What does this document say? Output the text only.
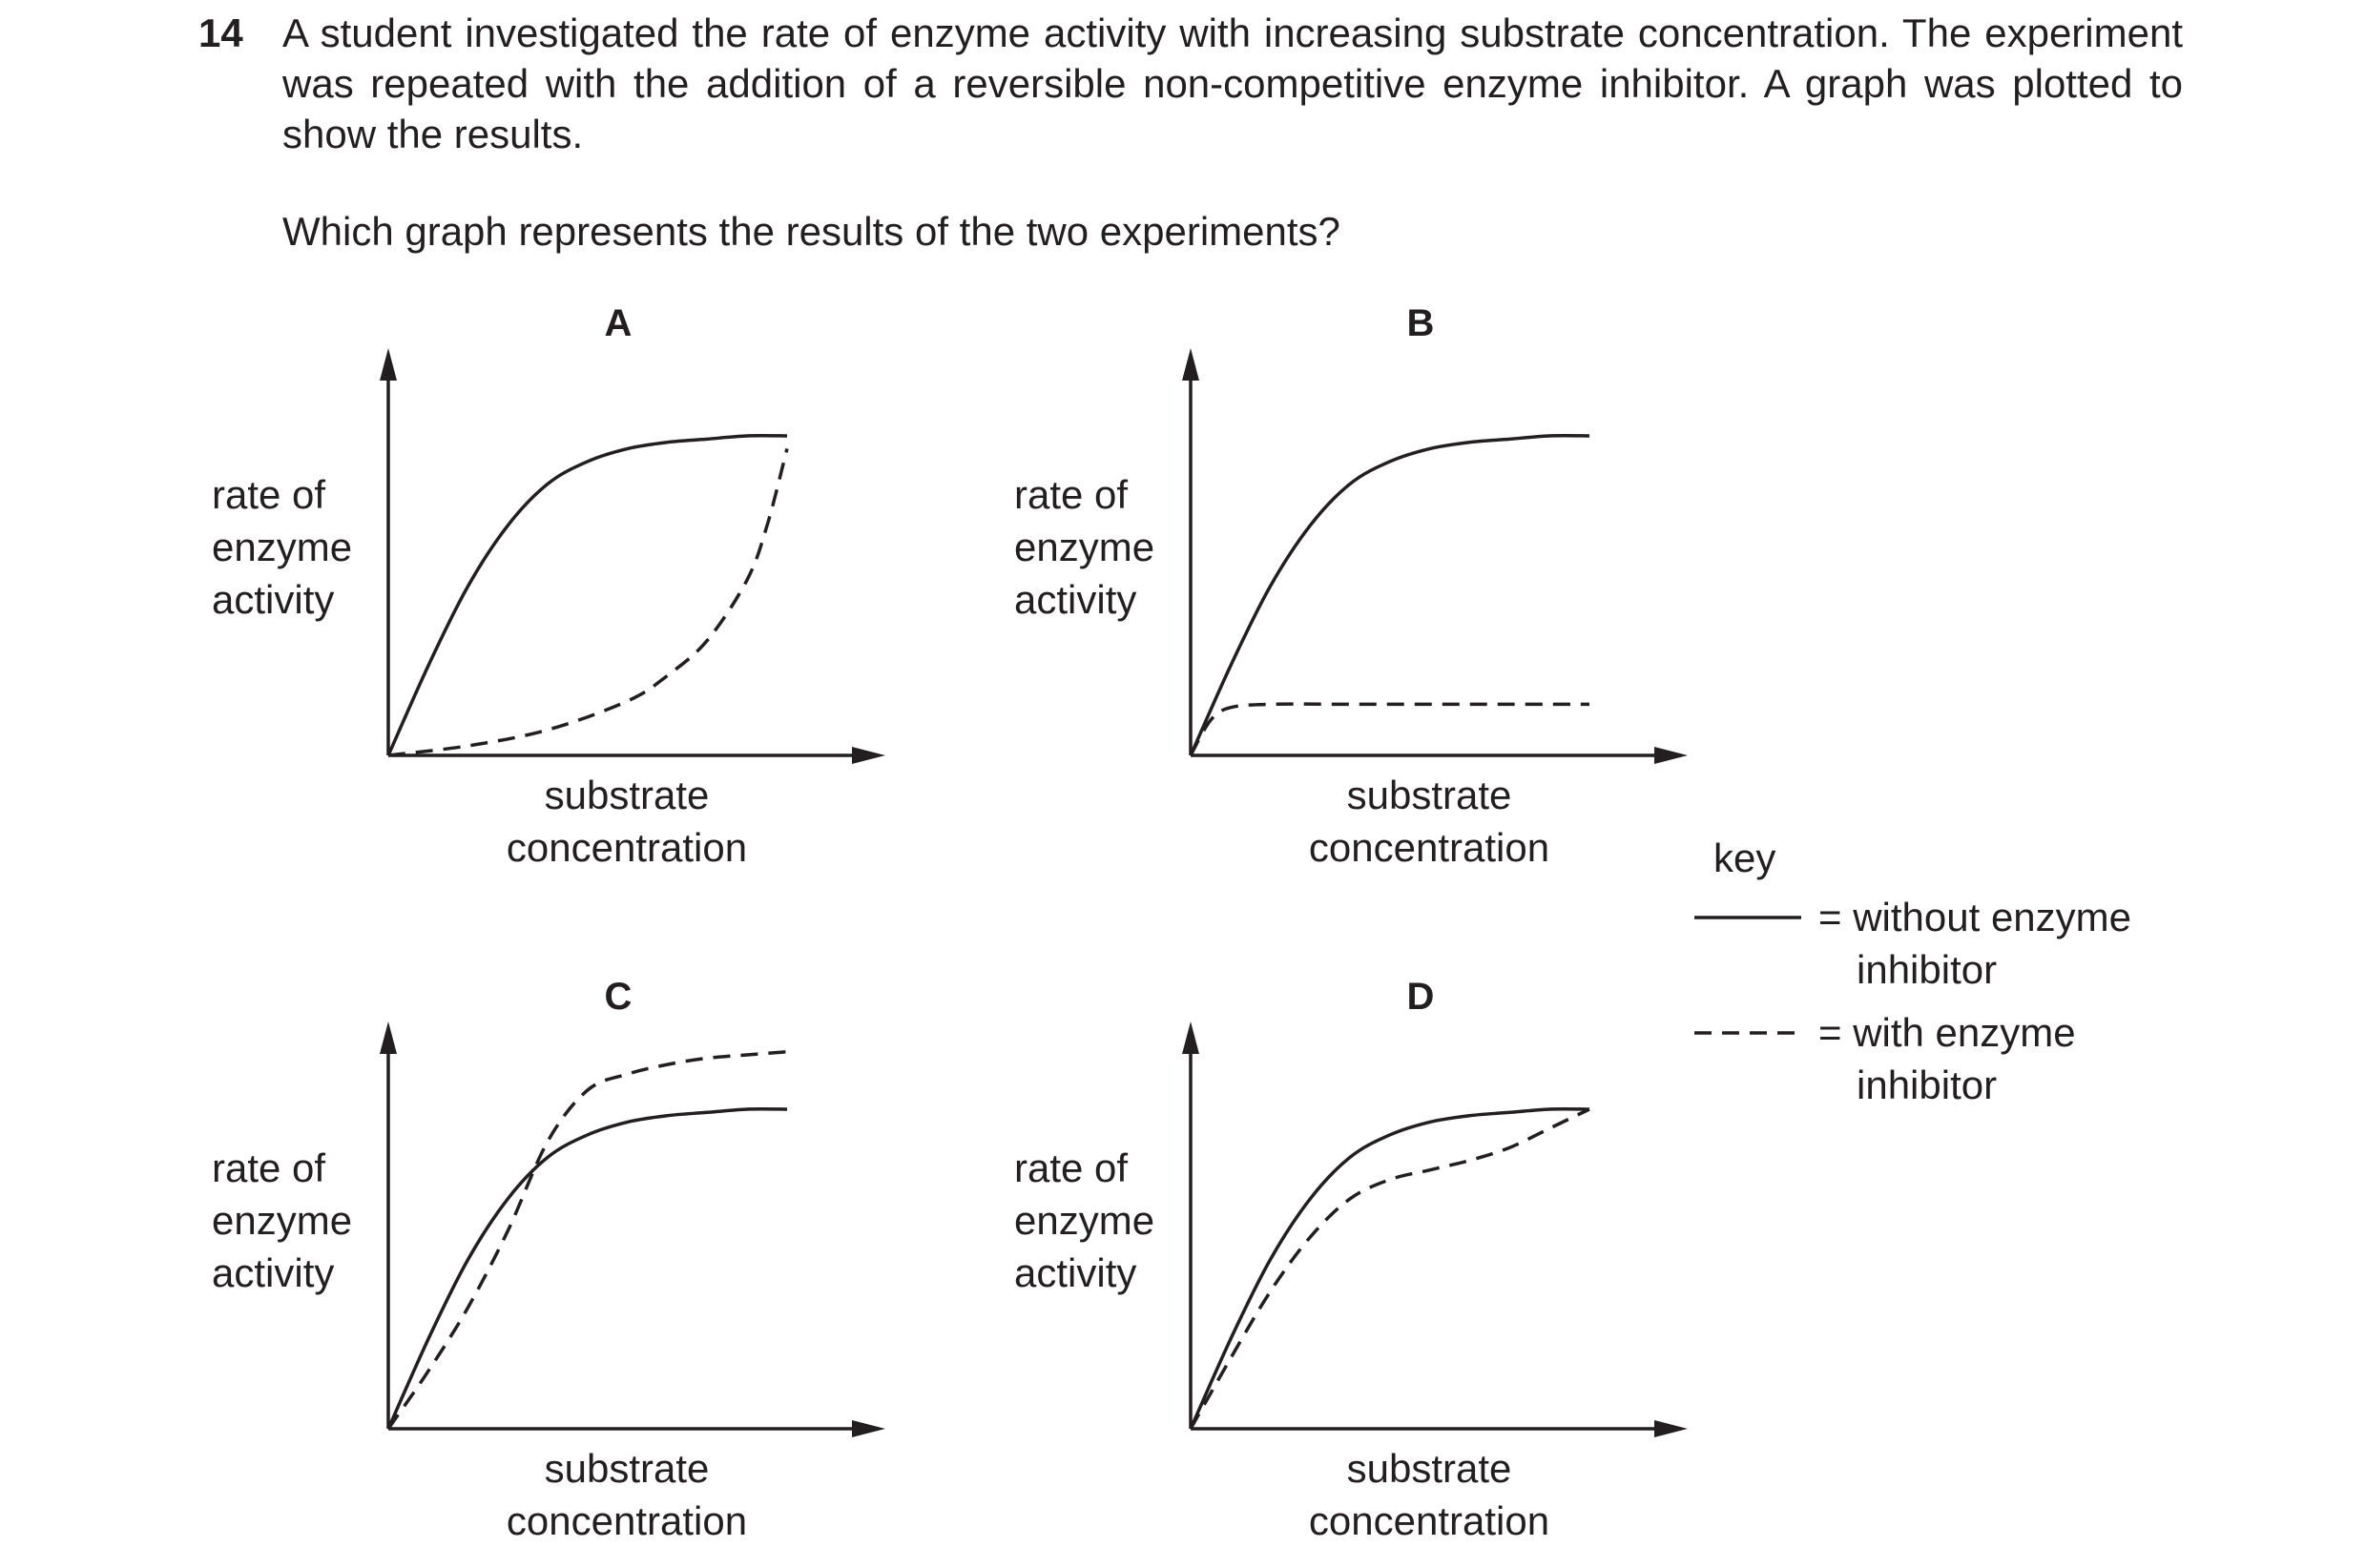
14 A student investigated the rate of enzyme activity with increasing substrate concentration. The experiment was repeated with the addition of a reversible non-competitive enzyme inhibitor. A graph was plotted to show the results.
Which graph represents the results of the two experiments?
A
rate of
enzyme
activity
substrate
concentration
B
rate of
enzyme
activity
substrate
concentration
C
rate of
enzyme
activity
substrate
concentration
D
rate of
enzyme
activity
substrate
concentration
key
= without enzyme
inhibitor
= with enzyme
inhibitor
